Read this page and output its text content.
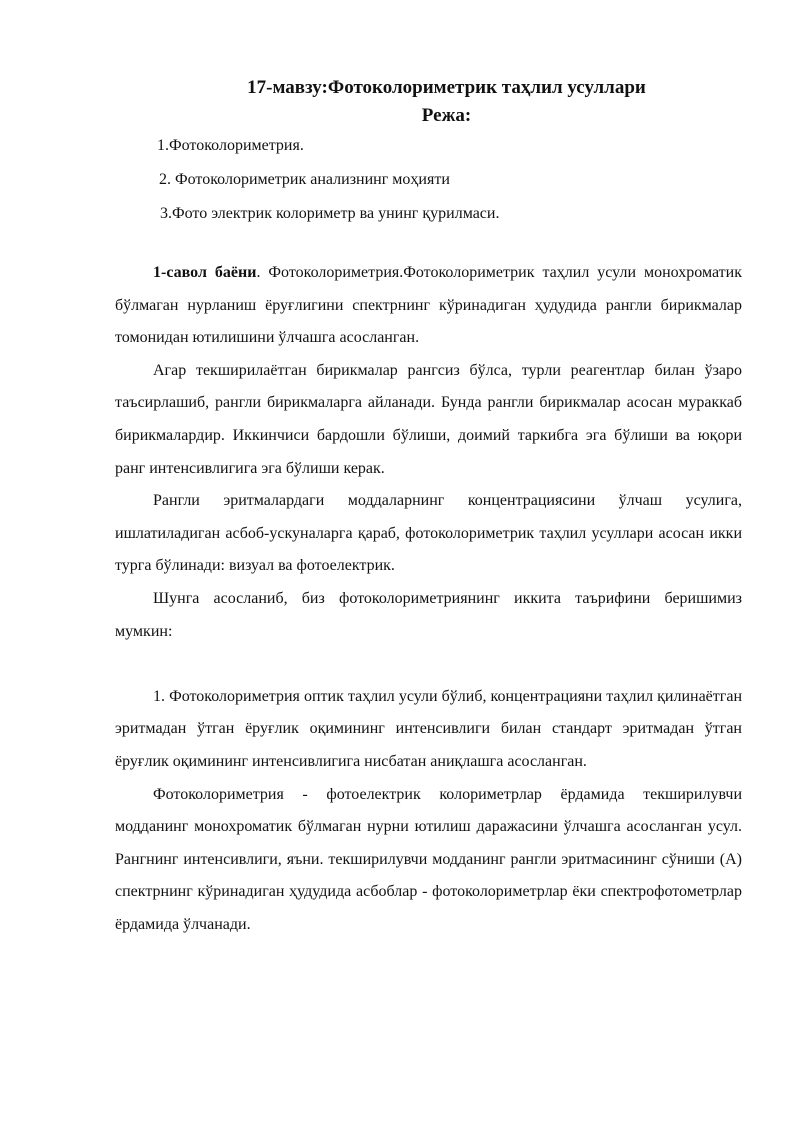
17-мавзу:Фотоколориметрик таҳлил усуллари
Режа:
1.Фотоколориметрия.
2. Фотоколориметрик анализнинг моҳияти
3.Фото электрик колориметр ва унинг қурилмаси.

1-савол баёни. Фотоколориметрия.Фотоколориметрик таҳлил усули монохроматик бўлмаган нурланиш ёруғлигини спектрнинг кўринадиган ҳудудида рангли бирикмалар томонидан ютилишини ўлчашга асосланган.

Агар текширилаётган бирикмалар рангсиз бўлса, турли реагентлар билан ўзаро таъсирлашиб, рангли бирикмаларга айланади. Бунда рангли бирикмалар асосан мураккаб бирикмалардир. Иккинчиси бардошли бўлиши, доимий таркибга эга бўлиши ва юқори ранг интенсивлигига эга бўлиши керак.

Рангли эритмалардаги моддаларнинг концентрациясини ўлчаш усулига, ишлатиладиган асбоб-ускуналарга қараб, фотоколориметрик таҳлил усуллари асосан икки турга бўлинади: визуал ва фотоелектрик.

Шунга асосланиб, биз фотоколориметриянинг иккита таърифини беришимиз мумкин:

1. Фотоколориметрия оптик таҳлил усули бўлиб, концентрацияни таҳлил қилинаётган эритмадан ўтган ёруғлик оқимининг интенсивлиги билан стандарт эритмадан ўтган ёруғлик оқимининг интенсивлигига нисбатан аниқлашга асосланган.

Фотоколориметрия - фотоелектрик колориметрлар ёрдамида текширилувчи модданинг монохроматик бўлмаган нурни ютилиш даражасини ўлчашга асосланган усул. Рангнинг интенсивлиги, яъни. текширилувчи модданинг рангли эритмасининг сўниши (А) спектрнинг кўринадиган ҳудудида асбоблар - фотоколориметрлар ёки спектрофотометрлар ёрдамида ўлчанади.
